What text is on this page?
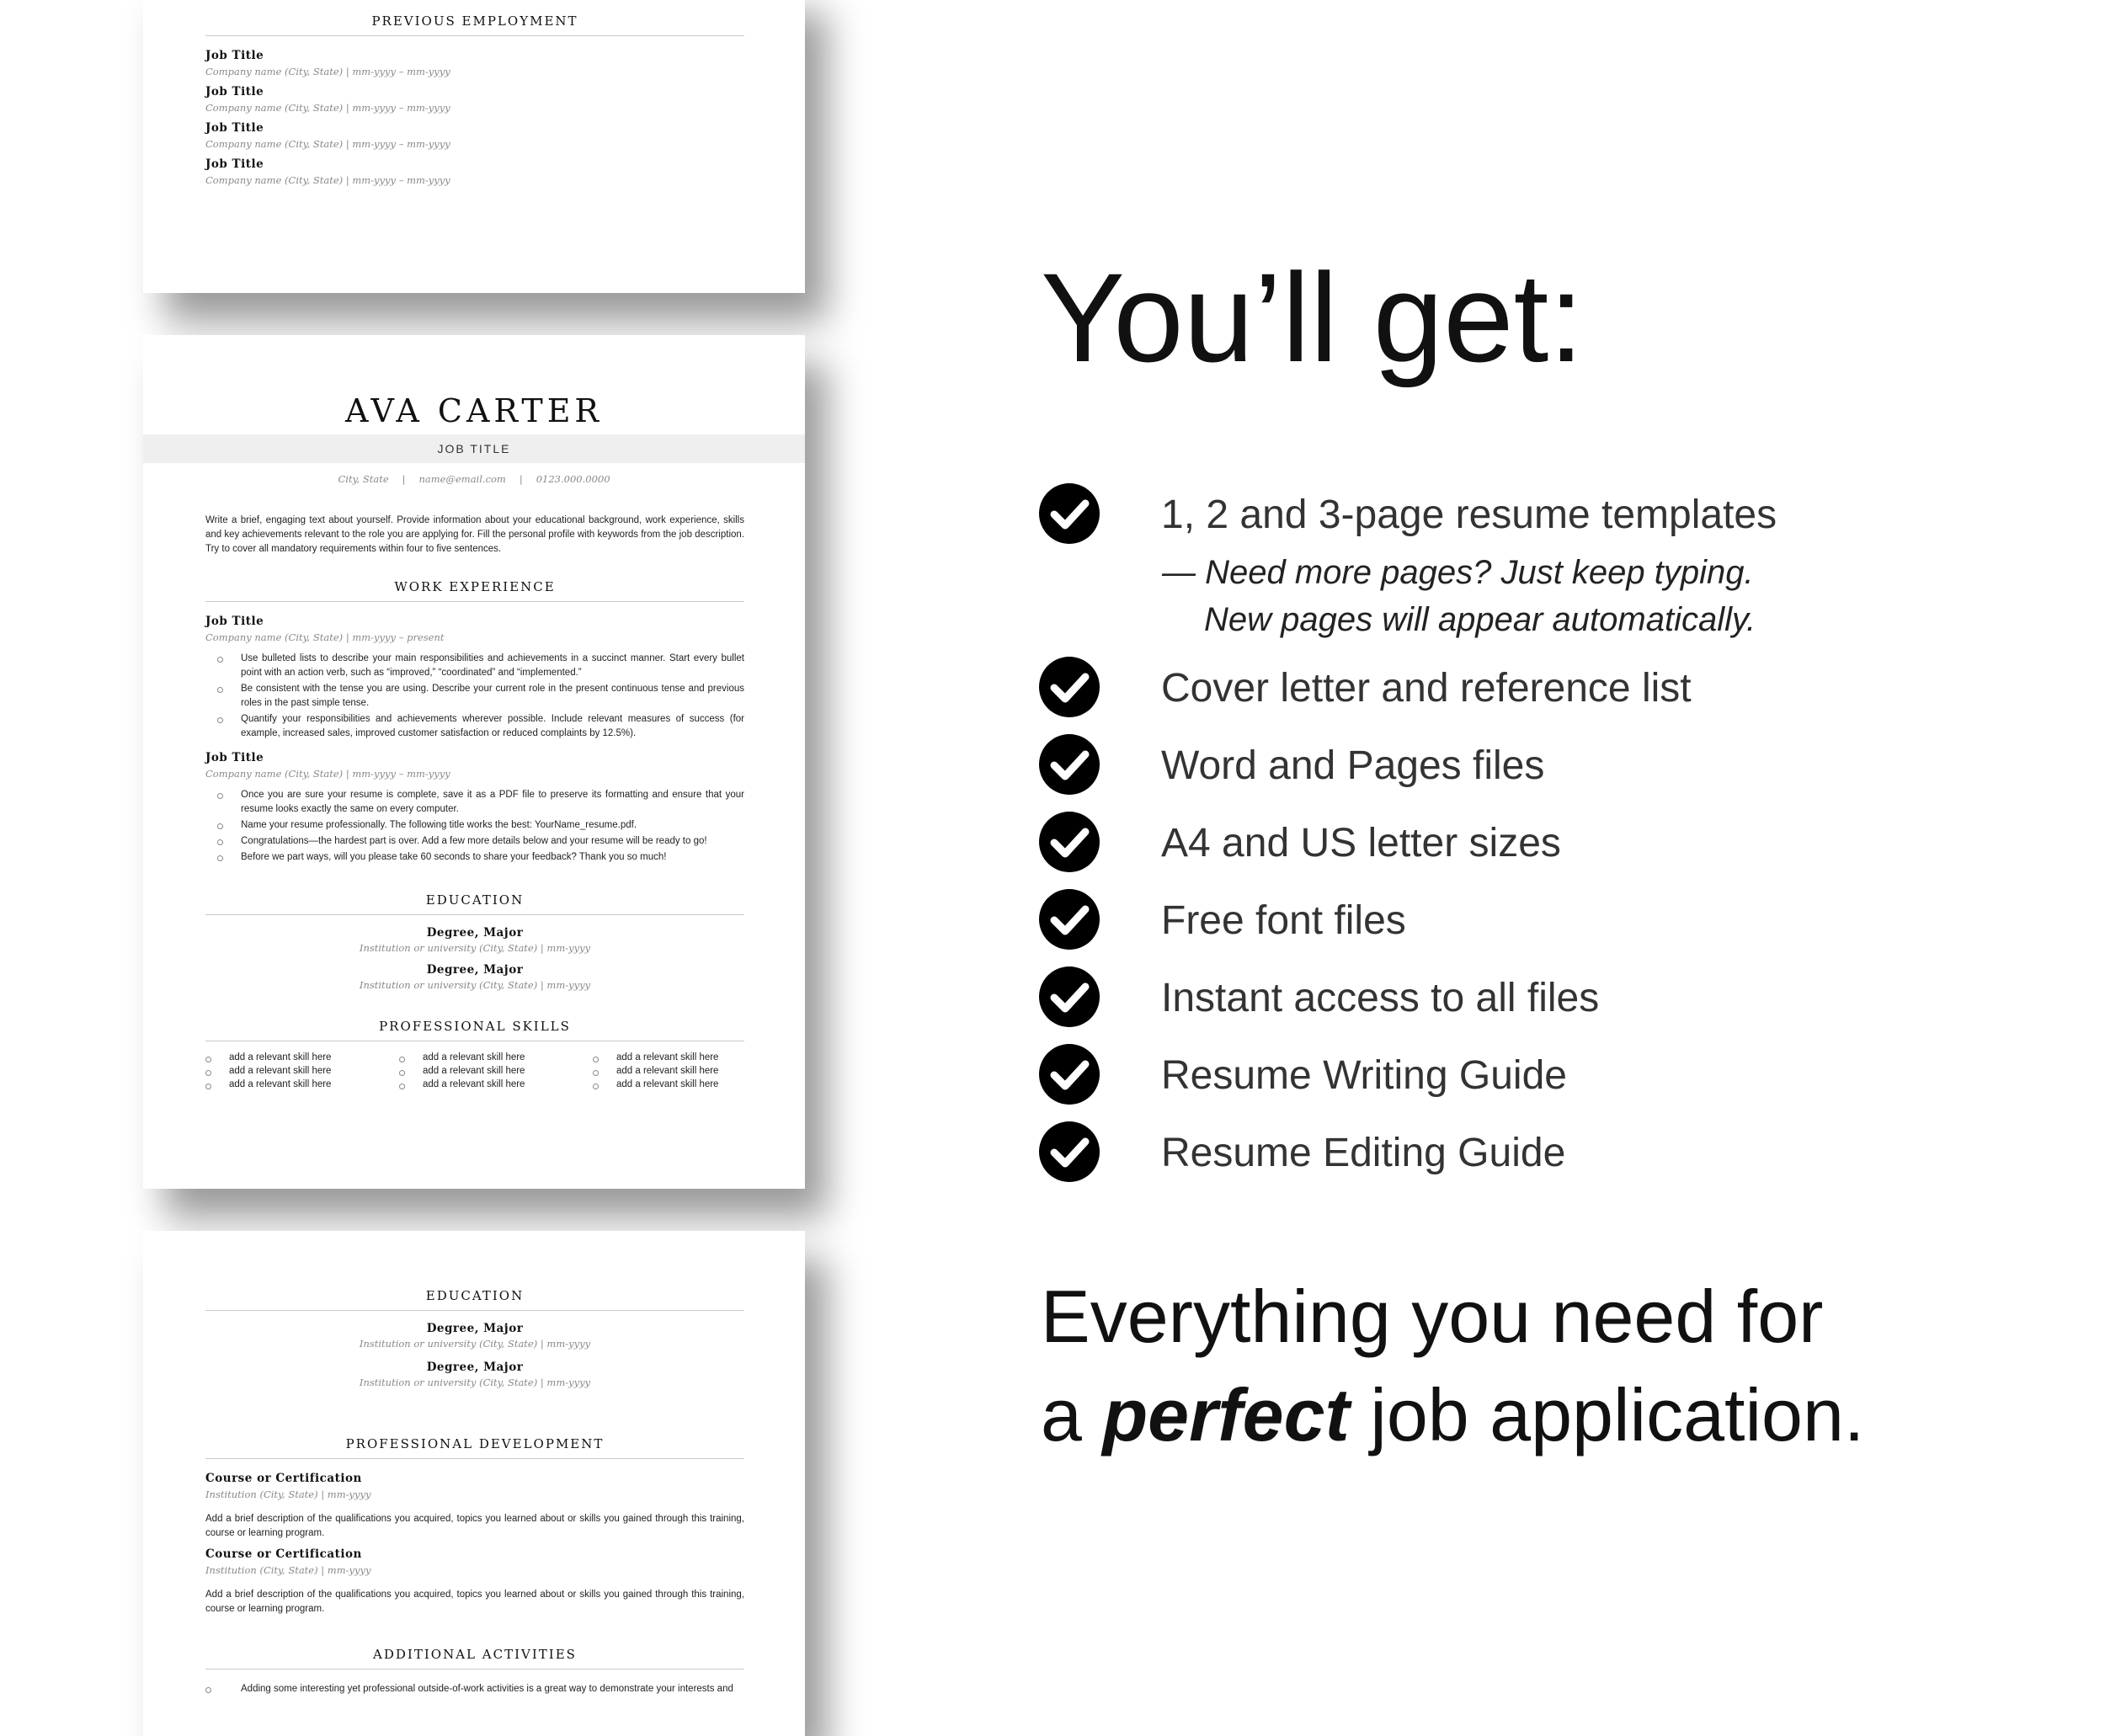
PREVIOUS EMPLOYMENT
Job Title
Company name (City, State) | mm-yyyy – mm-yyyy
Job Title
Company name (City, State) | mm-yyyy – mm-yyyy
Job Title
Company name (City, State) | mm-yyyy – mm-yyyy
Job Title
Company name (City, State) | mm-yyyy – mm-yyyy
AVA CARTER
JOB TITLE
City, State | name@email.com | 0123.000.0000
Write a brief, engaging text about yourself. Provide information about your educational background, work experience, skills and key achievements relevant to the role you are applying for. Fill the personal profile with keywords from the job description. Try to cover all mandatory requirements within four to five sentences.
WORK EXPERIENCE
Job Title
Company name (City, State) | mm-yyyy – present
Use bulleted lists to describe your main responsibilities and achievements in a succinct manner. Start every bullet point with an action verb, such as “improved,” “coordinated” and “implemented.”
Be consistent with the tense you are using. Describe your current role in the present continuous tense and previous roles in the past simple tense.
Quantify your responsibilities and achievements wherever possible. Include relevant measures of success (for example, increased sales, improved customer satisfaction or reduced complaints by 12.5%).
Job Title
Company name (City, State) | mm-yyyy – mm-yyyy
Once you are sure your resume is complete, save it as a PDF file to preserve its formatting and ensure that your resume looks exactly the same on every computer.
Name your resume professionally. The following title works the best: YourName_resume.pdf.
Congratulations—the hardest part is over. Add a few more details below and your resume will be ready to go!
Before we part ways, will you please take 60 seconds to share your feedback? Thank you so much!
EDUCATION
Degree, Major
Institution or university (City, State) | mm-yyyy
Degree, Major
Institution or university (City, State) | mm-yyyy
PROFESSIONAL SKILLS
add a relevant skill here	add a relevant skill here	add a relevant skill here
add a relevant skill here	add a relevant skill here	add a relevant skill here
add a relevant skill here	add a relevant skill here	add a relevant skill here
EDUCATION
Degree, Major
Institution or university (City, State) | mm-yyyy
Degree, Major
Institution or university (City, State) | mm-yyyy
PROFESSIONAL DEVELOPMENT
Course or Certification
Institution (City, State) | mm-yyyy
Add a brief description of the qualifications you acquired, topics you learned about or skills you gained through this training, course or learning program.
Course or Certification
Institution (City, State) | mm-yyyy
Add a brief description of the qualifications you acquired, topics you learned about or skills you gained through this training, course or learning program.
ADDITIONAL ACTIVITIES
Adding some interesting yet professional outside-of-work activities is a great way to demonstrate your interests and
You’ll get:
1, 2 and 3-page resume templates
— Need more pages? Just keep typing.
New pages will appear automatically.
Cover letter and reference list
Word and Pages files
A4 and US letter sizes
Free font files
Instant access to all files
Resume Writing Guide
Resume Editing Guide
Everything you need for
a perfect job application.
